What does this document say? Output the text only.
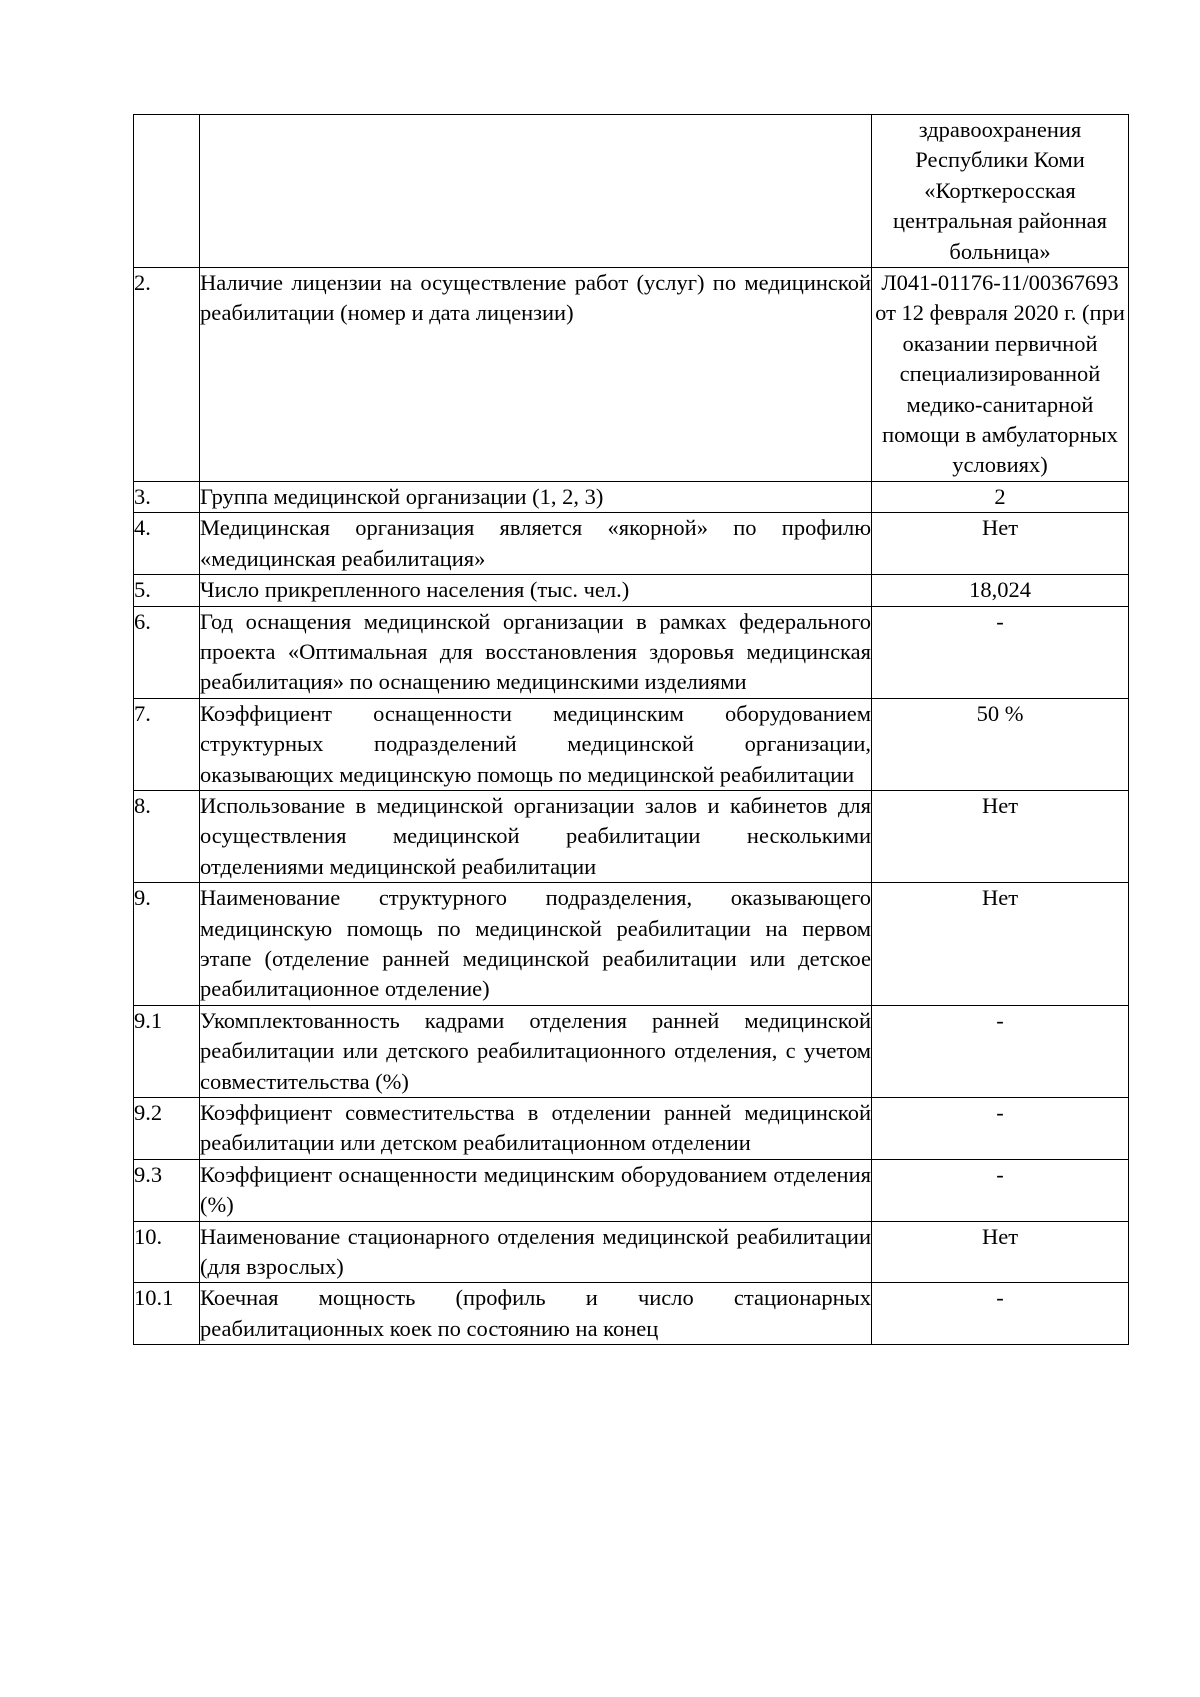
		здравоохранения Республики Коми «Корткеросская центральная районная больница»
2.	Наличие лицензии на осуществление работ (услуг) по медицинской реабилитации (номер и дата лицензии)	Л041-01176-11/00367693 от 12 февраля 2020 г. (при оказании первичной специализированной медико-санитарной помощи в амбулаторных условиях)
3.	Группа медицинской организации (1, 2, 3)	2
4.	Медицинская организация является «якорной» по профилю «медицинская реабилитация»	Нет
5.	Число прикрепленного населения (тыс. чел.)	18,024
6.	Год оснащения медицинской организации в рамках федерального проекта «Оптимальная для восстановления здоровья медицинская реабилитация» по оснащению медицинскими изделиями	-
7.	Коэффициент оснащенности медицинским оборудованием структурных подразделений медицинской организации, оказывающих медицинскую помощь по медицинской реабилитации	50 %
8.	Использование в медицинской организации залов и кабинетов для осуществления медицинской реабилитации несколькими отделениями медицинской реабилитации	Нет
9.	Наименование структурного подразделения, оказывающего медицинскую помощь по медицинской реабилитации на первом этапе (отделение ранней медицинской реабилитации или детское реабилитационное отделение)	Нет
9.1	Укомплектованность кадрами отделения ранней медицинской реабилитации или детского реабилитационного отделения, с учетом совместительства (%)	-
9.2	Коэффициент совместительства в отделении ранней медицинской реабилитации или детском реабилитационном отделении	-
9.3	Коэффициент оснащенности медицинским оборудованием отделения (%)	-
10.	Наименование стационарного отделения медицинской реабилитации (для взрослых)	Нет
10.1	Коечная мощность (профиль и число стационарных реабилитационных коек по состоянию на конец	-
